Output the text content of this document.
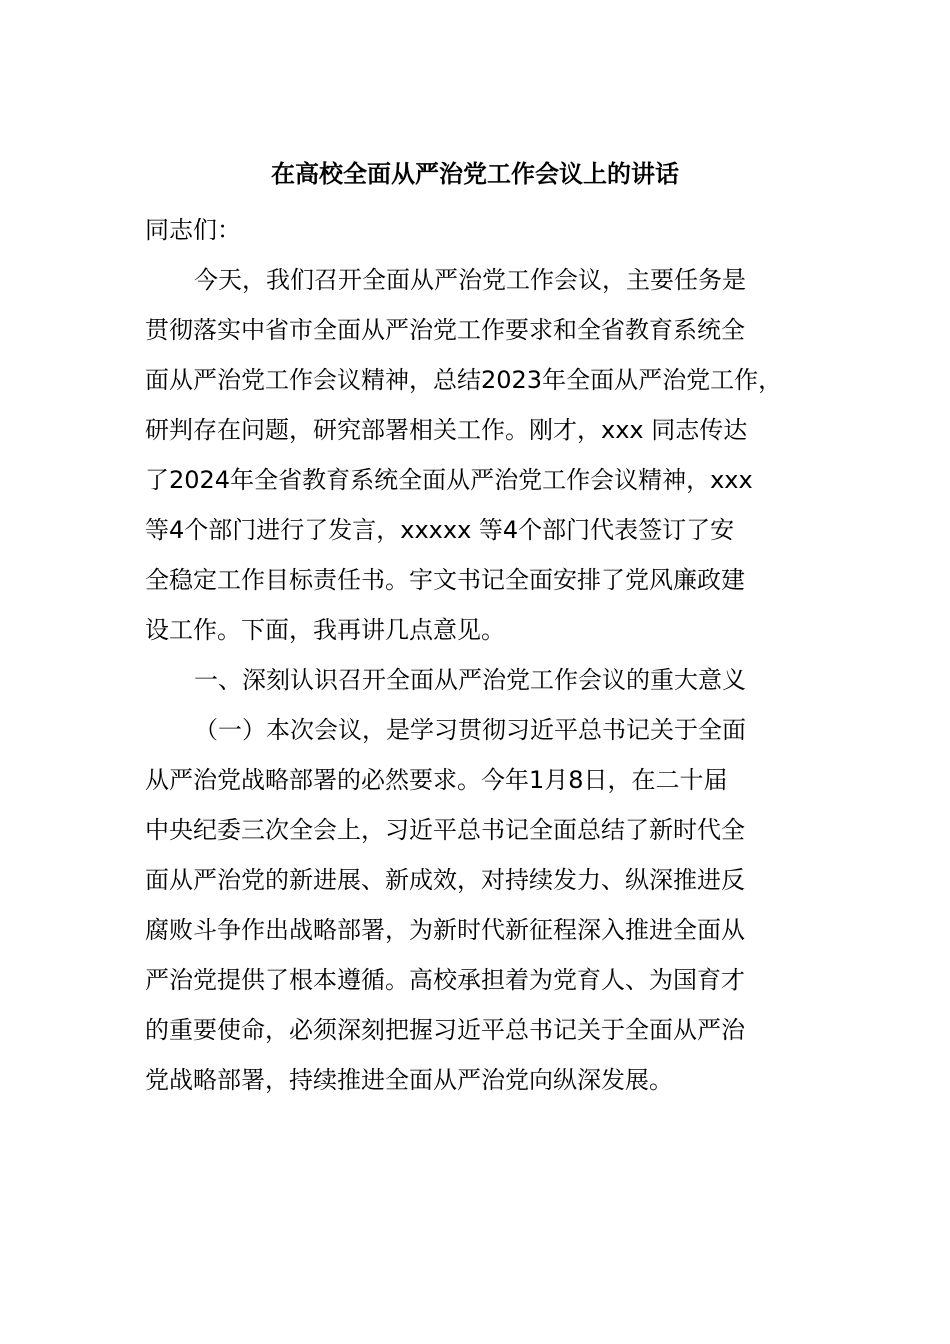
在高校全面从严治党工作会议上的讲话
同志们：
今天，我们召开全面从严治党工作会议，主要任务是
贯彻落实中省市全面从严治党工作要求和全省教育系统全
面从严治党工作会议精神，总结2023年全面从严治党工作，
研判存在问题，研究部署相关工作。刚才，xxx 同志传达
了2024年全省教育系统全面从严治党工作会议精神，xxx
等4个部门进行了发言，xxxxx 等4个部门代表签订了安
全稳定工作目标责任书。宇文书记全面安排了党风廉政建
设工作。下面，我再讲几点意见。
一、深刻认识召开全面从严治党工作会议的重大意义
（一）本次会议，是学习贯彻习近平总书记关于全面
从严治党战略部署的必然要求。今年1月8日，在二十届
中央纪委三次全会上，习近平总书记全面总结了新时代全
面从严治党的新进展、新成效，对持续发力、纵深推进反
腐败斗争作出战略部署，为新时代新征程深入推进全面从
严治党提供了根本遵循。高校承担着为党育人、为国育才
的重要使命，必须深刻把握习近平总书记关于全面从严治
党战略部署，持续推进全面从严治党向纵深发展。
